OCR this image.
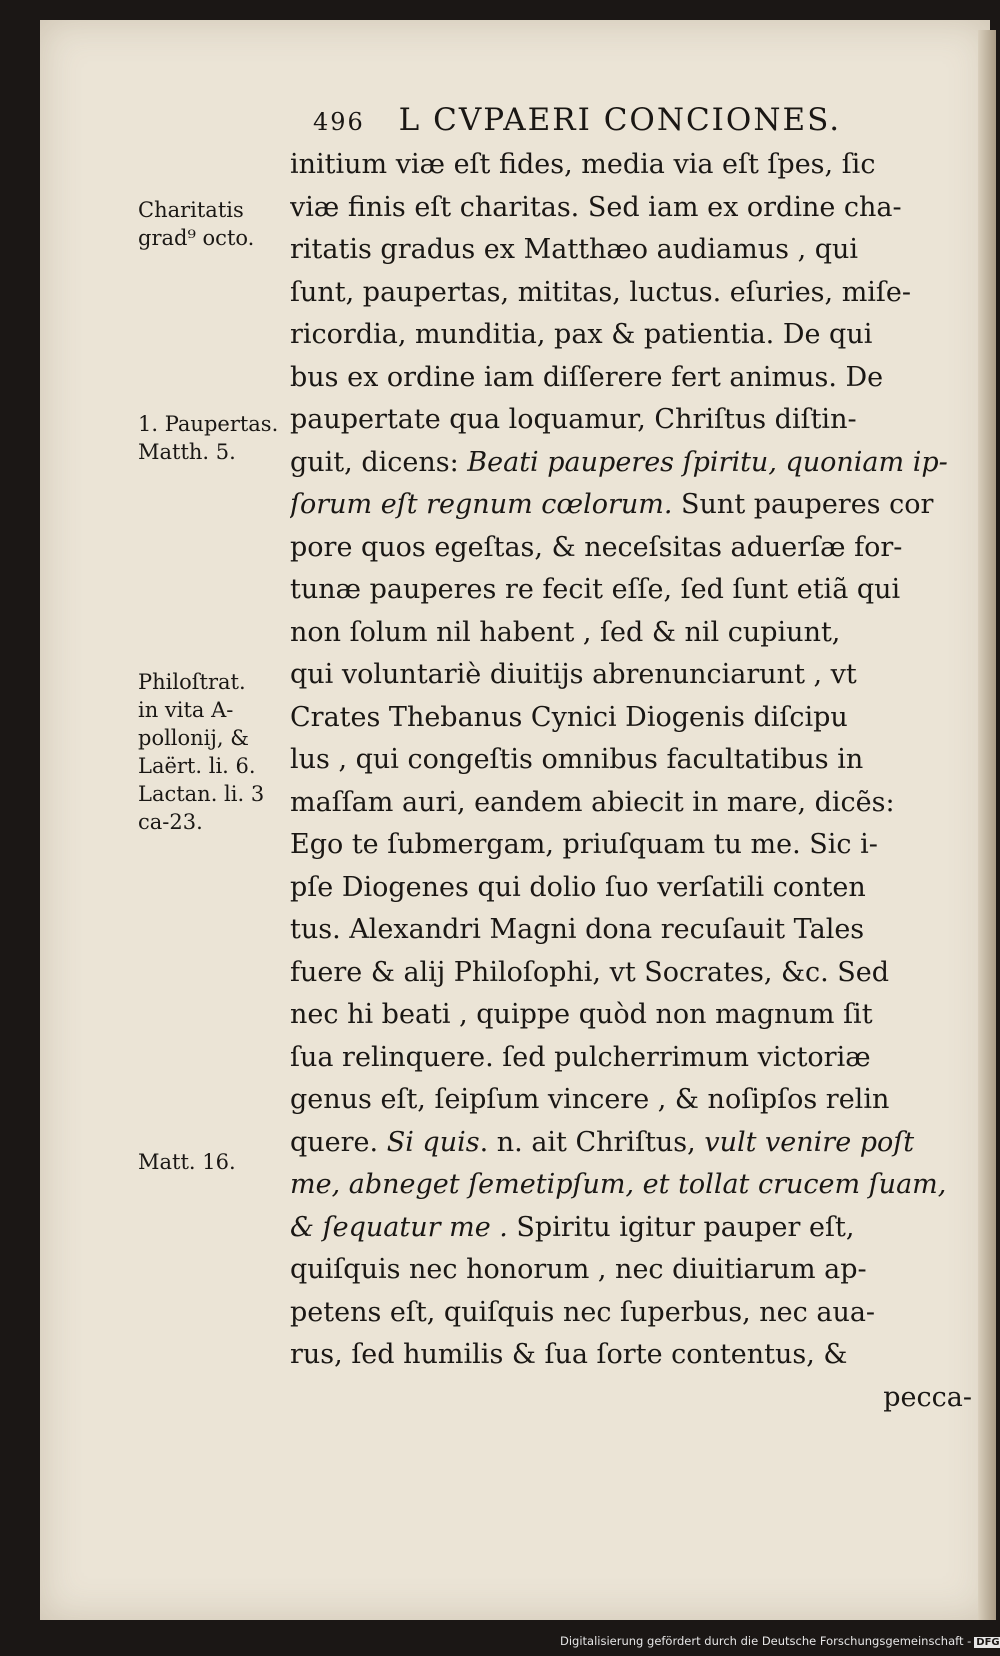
496 L CVPAERI CONCIONES.
initium viæ eſt fides, media via eſt ſpes, ſic
viæ finis eſt charitas. Sed iam ex ordine cha-
ritatis gradus ex Matthæo audiamus , qui
ſunt, paupertas, mititas, luctus. eſuries, miſe-
ricordia, munditia, pax & patientia. De qui
bus ex ordine iam diſſerere fert animus. De
paupertate qua loquamur, Chriſtus diſtin-
guit, dicens: Beati pauperes ſpiritu, quoniam ip-
ſorum eſt regnum cœlorum. Sunt pauperes cor
pore quos egeſtas, & neceſsitas aduerſæ for-
tunæ pauperes re fecit eſſe, ſed ſunt etiã qui
non ſolum nil habent , ſed & nil cupiunt,
qui voluntariè diuitijs abrenunciarunt , vt
Crates Thebanus Cynici Diogenis diſcipu
lus , qui congeſtis omnibus facultatibus in
maſſam auri, eandem abiecit in mare, dicẽs:
Ego te ſubmergam, priuſquam tu me. Sic i-
pſe Diogenes qui dolio ſuo verſatili conten
tus. Alexandri Magni dona recuſauit Tales
fuere & alij Philoſophi, vt Socrates, &c. Sed
nec hi beati , quippe quòd non magnum ſit
ſua relinquere. ſed pulcherrimum victoriæ
genus eſt, ſeipſum vincere , & noſipſos relin
quere. Si quis. n. ait Chriſtus, vult venire poſt
me, abneget ſemetipſum, et tollat crucem ſuam,
& ſequatur me . Spiritu igitur pauper eſt,
quiſquis nec honorum , nec diuitiarum ap-
petens eſt, quiſquis nec ſuperbus, nec aua-
rus, ſed humilis & ſua ſorte contentus, &
pecca-
Charitatis
grad⁹ octo.
1. Paupertas.
Matth. 5.
Philoſtrat.
in vita A-
pollonij, &
Laërt. li. 6.
Lactan. li. 3
ca-23.
Matt. 16.
Digitalisierung gefördert durch die Deutsche Forschungsgemeinschaft - DFG
